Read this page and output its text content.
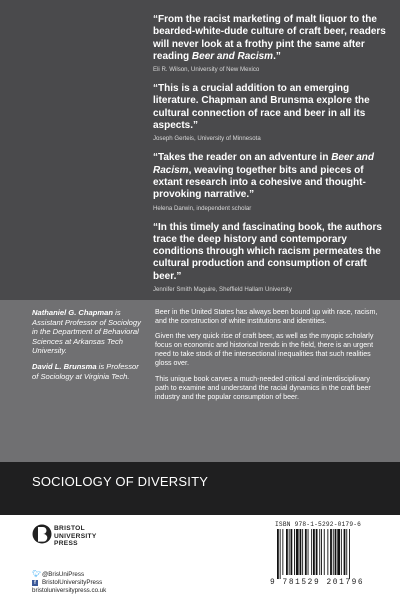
“From the racist marketing of malt liquor to the bearded-white-dude culture of craft beer, readers will never look at a frothy pint the same after reading Beer and Racism.”
Eli R. Wilson, University of New Mexico
“This is a crucial addition to an emerging literature. Chapman and Brunsma explore the cultural connection of race and beer in all its aspects.”
Joseph Gerteis, University of Minnesota
“Takes the reader on an adventure in Beer and Racism, weaving together bits and pieces of extant research into a cohesive and thought-provoking narrative.”
Helena Darwin, independent scholar
“In this timely and fascinating book, the authors trace the deep history and contemporary conditions through which racism permeates the cultural production and consumption of craft beer.”
Jennifer Smith Maguire, Sheffield Hallam University
Nathaniel G. Chapman is Assistant Professor of Sociology in the Department of Behavioral Sciences at Arkansas Tech University.
David L. Brunsma is Professor of Sociology at Virginia Tech.

Beer in the United States has always been bound up with race, racism, and the construction of white institutions and identities.

Given the very quick rise of craft beer, as well as the myopic scholarly focus on economic and historical trends in the field, there is an urgent need to take stock of the intersectional inequalities that such realities gloss over.

This unique book carves a much-needed critical and interdisciplinary path to examine and understand the racial dynamics in the craft beer industry and the popular consumption of beer.

SOCIOLOGY OF DIVERSITY
BRISTOL
UNIVERSITY
PRESS
🐦︎ @BrisUniPress
f BristolUniversityPress
bristoluniversitypress.co.uk
ISBN 978-1-5292-0179-6
9 781529 201796
